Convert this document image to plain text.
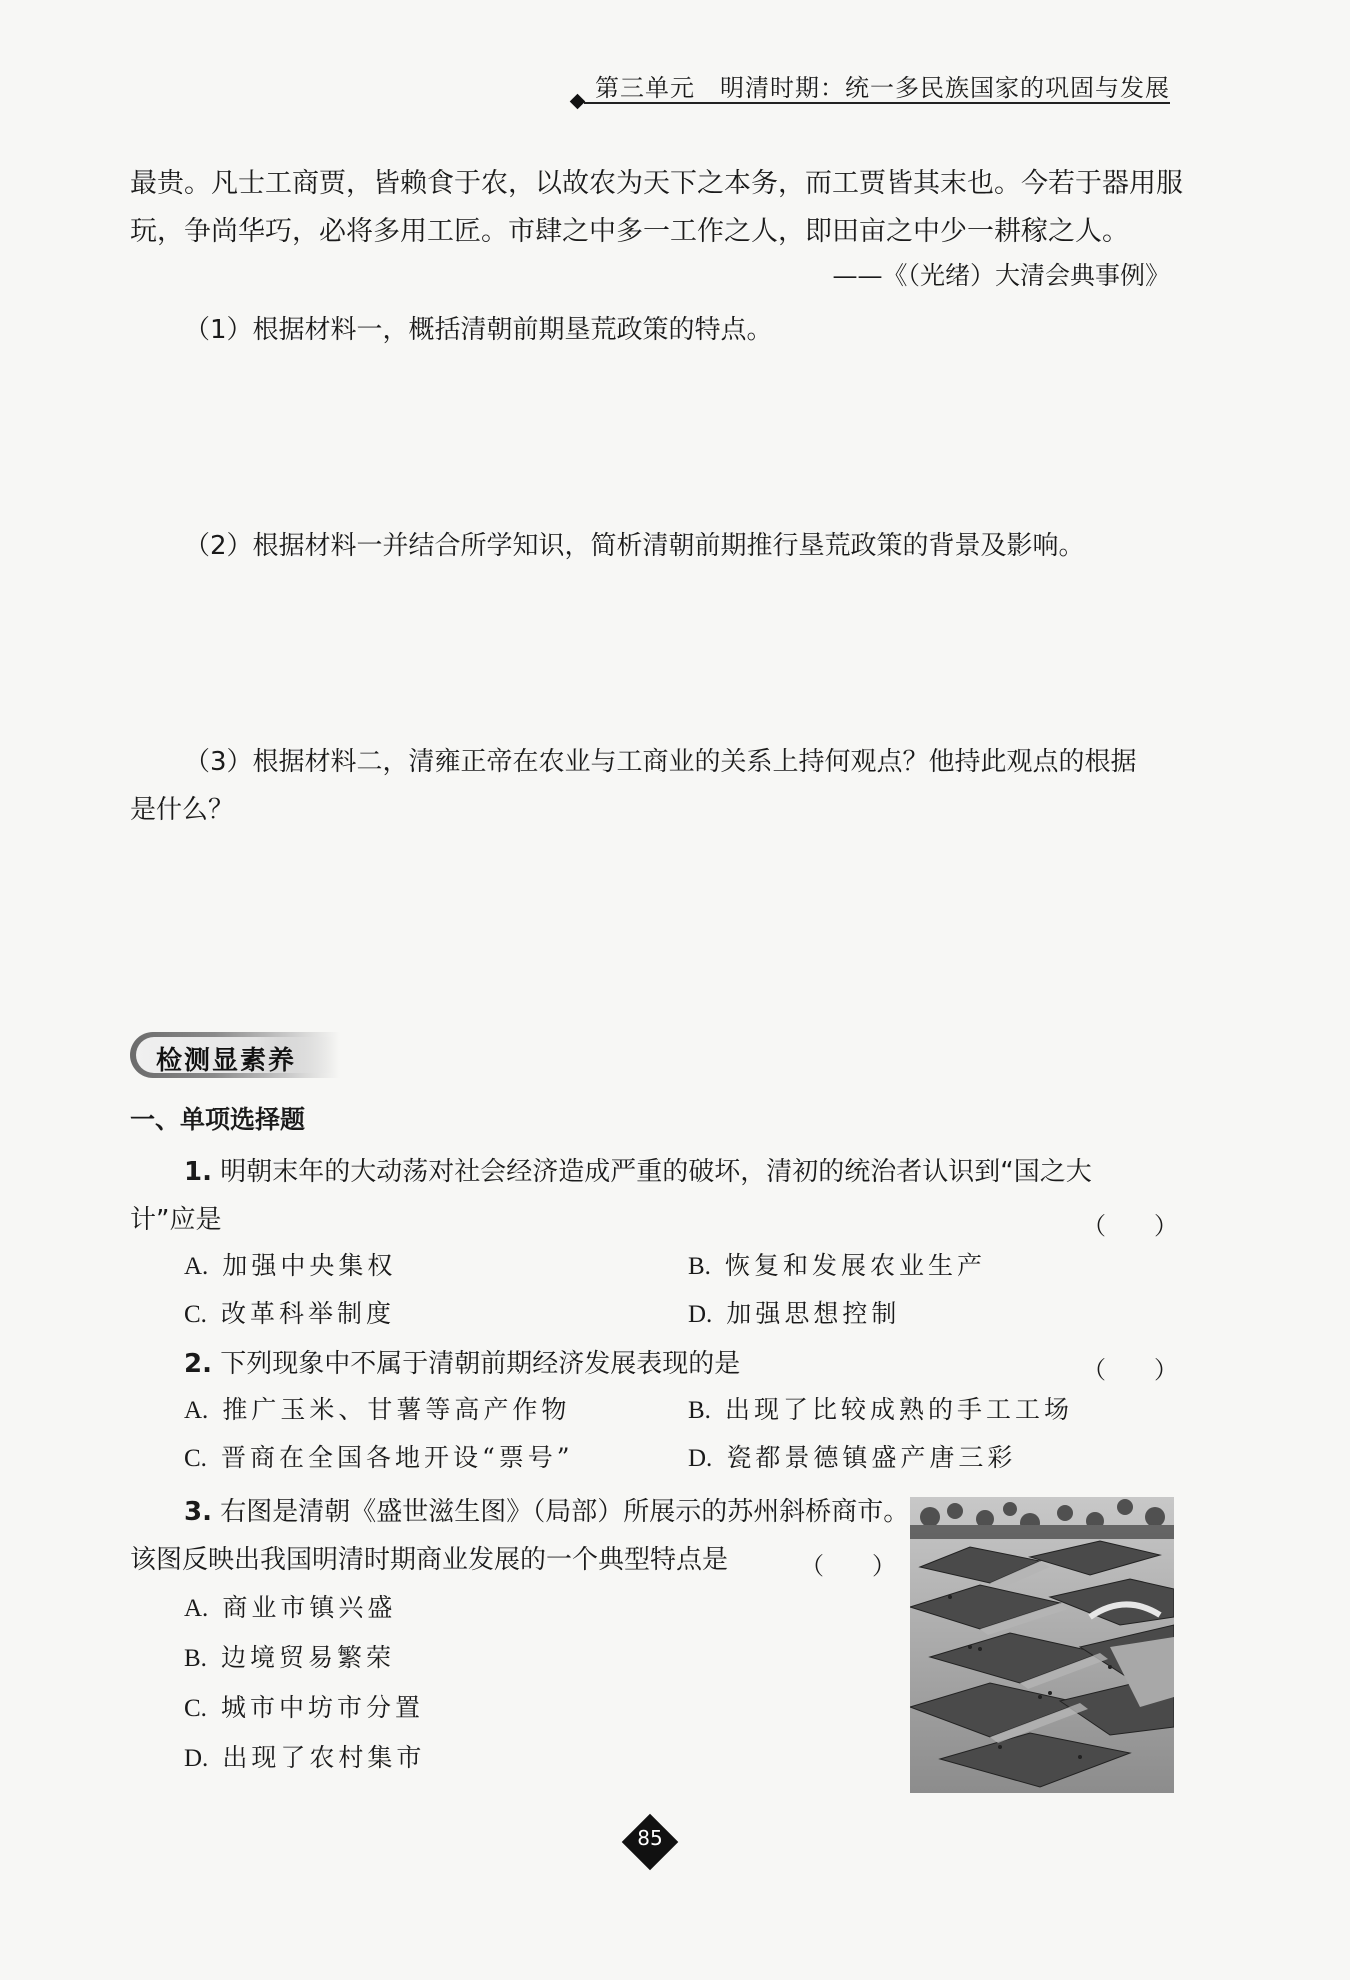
第三单元　明清时期：统一多民族国家的巩固与发展
最贵。凡士工商贾，皆赖食于农，以故农为天下之本务，而工贾皆其末也。今若于器用服
玩，争尚华巧，必将多用工匠。市肆之中多一工作之人，即田亩之中少一耕稼之人。
——《（光绪）大清会典事例》
（1）根据材料一，概括清朝前期垦荒政策的特点。
（2）根据材料一并结合所学知识，简析清朝前期推行垦荒政策的背景及影响。
（3）根据材料二，清雍正帝在农业与工商业的关系上持何观点？他持此观点的根据
是什么？
检测显素养
一、单项选择题
1. 明朝末年的大动荡对社会经济造成严重的破坏，清初的统治者认识到“国之大
计”应是	（　　）
A. 加强中央集权	B. 恢复和发展农业生产
C. 改革科举制度	D. 加强思想控制
2. 下列现象中不属于清朝前期经济发展表现的是	（　　）
A. 推广玉米、甘薯等高产作物	B. 出现了比较成熟的手工工场
C. 晋商在全国各地开设“票号”	D. 瓷都景德镇盛产唐三彩
3. 右图是清朝《盛世滋生图》（局部）所展示的苏州斜桥商市。
该图反映出我国明清时期商业发展的一个典型特点是	（　　）
A. 商业市镇兴盛
B. 边境贸易繁荣
C. 城市中坊市分置
D. 出现了农村集市
85
